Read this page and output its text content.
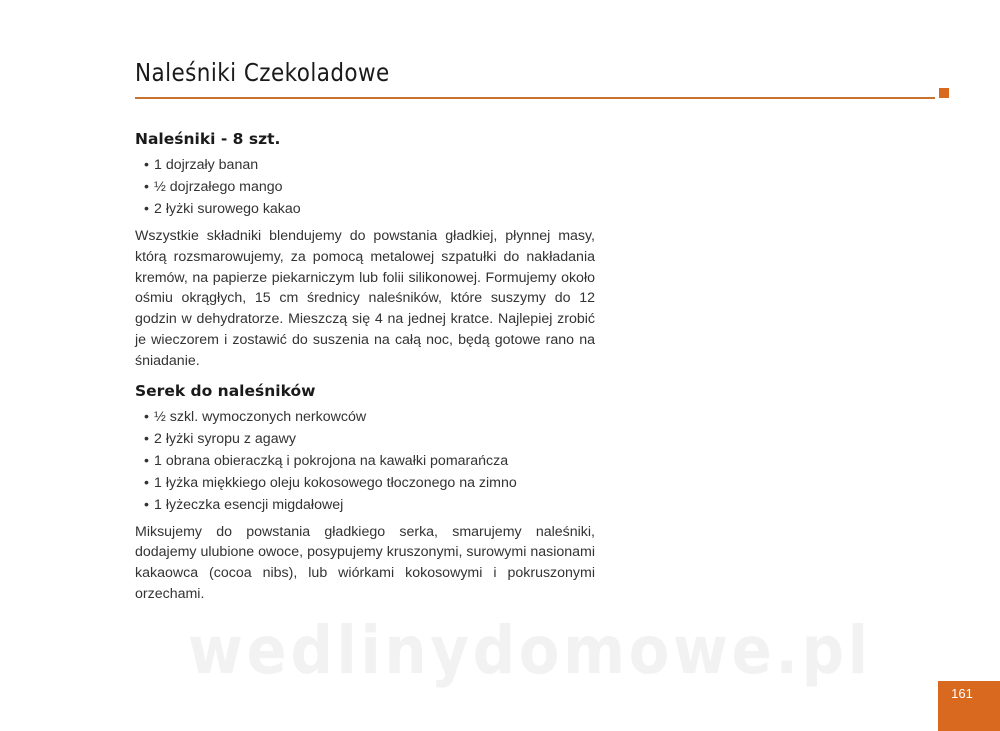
Naleśniki Czekoladowe
Naleśniki - 8 szt.
• 1 dojrzały banan
• ½ dojrzałego mango
• 2 łyżki surowego kakao

Wszystkie składniki blendujemy do powstania gładkiej, płynnej masy, którą rozsmarowujemy, za pomocą metalowej szpatułki do nakładania kremów, na papierze piekarniczym lub folii silikonowej. Formujemy około ośmiu okrągłych, 15 cm średnicy naleśników, które suszymy do 12 godzin w dehydratorze. Mieszczą się 4 na jednej kratce. Najlepiej zrobić je wieczorem i zostawić do suszenia na całą noc, będą gotowe rano na śniadanie.

Serek do naleśników
• ½ szkl. wymoczonych nerkowców
• 2 łyżki syropu z agawy
• 1 obrana obieraczką i pokrojona na kawałki pomarańcza
• 1 łyżka miękkiego oleju kokosowego tłoczonego na zimno
• 1 łyżeczka esencji migdałowej

Miksujemy do powstania gładkiego serka, smarujemy naleśniki, dodajemy ulubione owoce, posypujemy kruszonymi, surowymi nasionami kakaowca (cocoa nibs), lub wiórkami kokosowymi i pokruszonymi orzechami.

wedlinydomowe.pl
161
